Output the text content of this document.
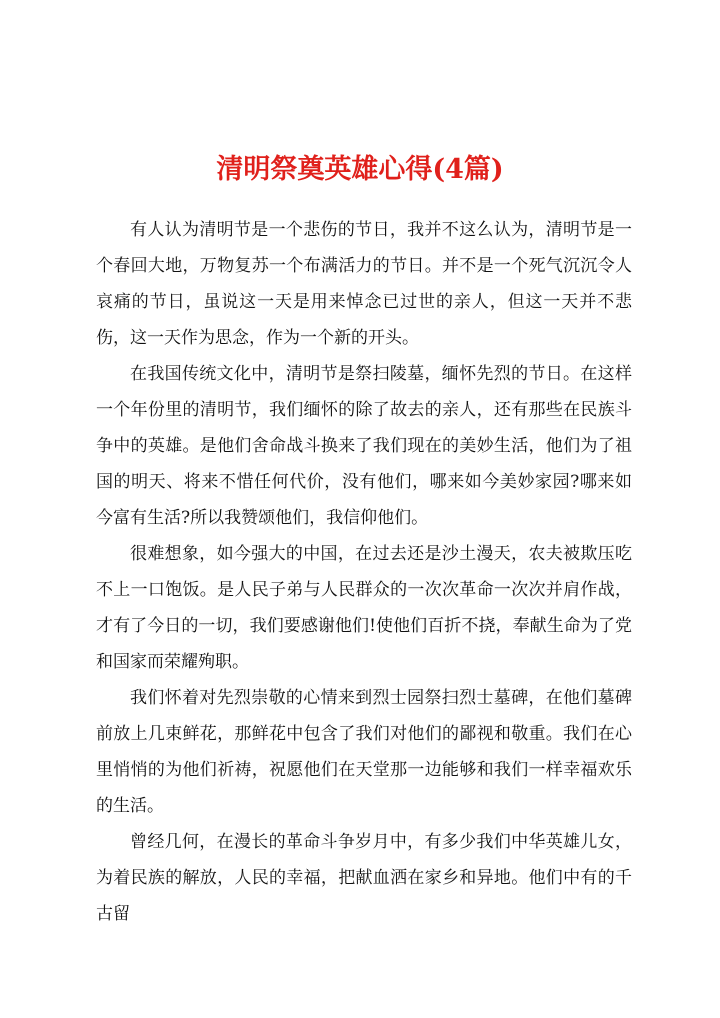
清明祭奠英雄心得(4篇)

有人认为清明节是一个悲伤的节日，我并不这么认为，清明节是一个春回大地，万物复苏一个布满活力的节日。并不是一个死气沉沉令人哀痛的节日，虽说这一天是用来悼念已过世的亲人，但这一天并不悲伤，这一天作为思念，作为一个新的开头。

在我国传统文化中，清明节是祭扫陵墓，缅怀先烈的节日。在这样一个年份里的清明节，我们缅怀的除了故去的亲人，还有那些在民族斗争中的英雄。是他们舍命战斗换来了我们现在的美妙生活，他们为了祖国的明天、将来不惜任何代价，没有他们，哪来如今美妙家园?哪来如今富有生活?所以我赞颂他们，我信仰他们。

很难想象，如今强大的中国，在过去还是沙土漫天，农夫被欺压吃不上一口饱饭。是人民子弟与人民群众的一次次革命一次次并肩作战，才有了今日的一切，我们要感谢他们!使他们百折不挠，奉献生命为了党和国家而荣耀殉职。

我们怀着对先烈崇敬的心情来到烈士园祭扫烈士墓碑，在他们墓碑前放上几束鲜花，那鲜花中包含了我们对他们的鄙视和敬重。我们在心里悄悄的为他们祈祷，祝愿他们在天堂那一边能够和我们一样幸福欢乐的生活。

曾经几何，在漫长的革命斗争岁月中，有多少我们中华英雄儿女，为着民族的解放，人民的幸福，把献血洒在家乡和异地。他们中有的千古留
